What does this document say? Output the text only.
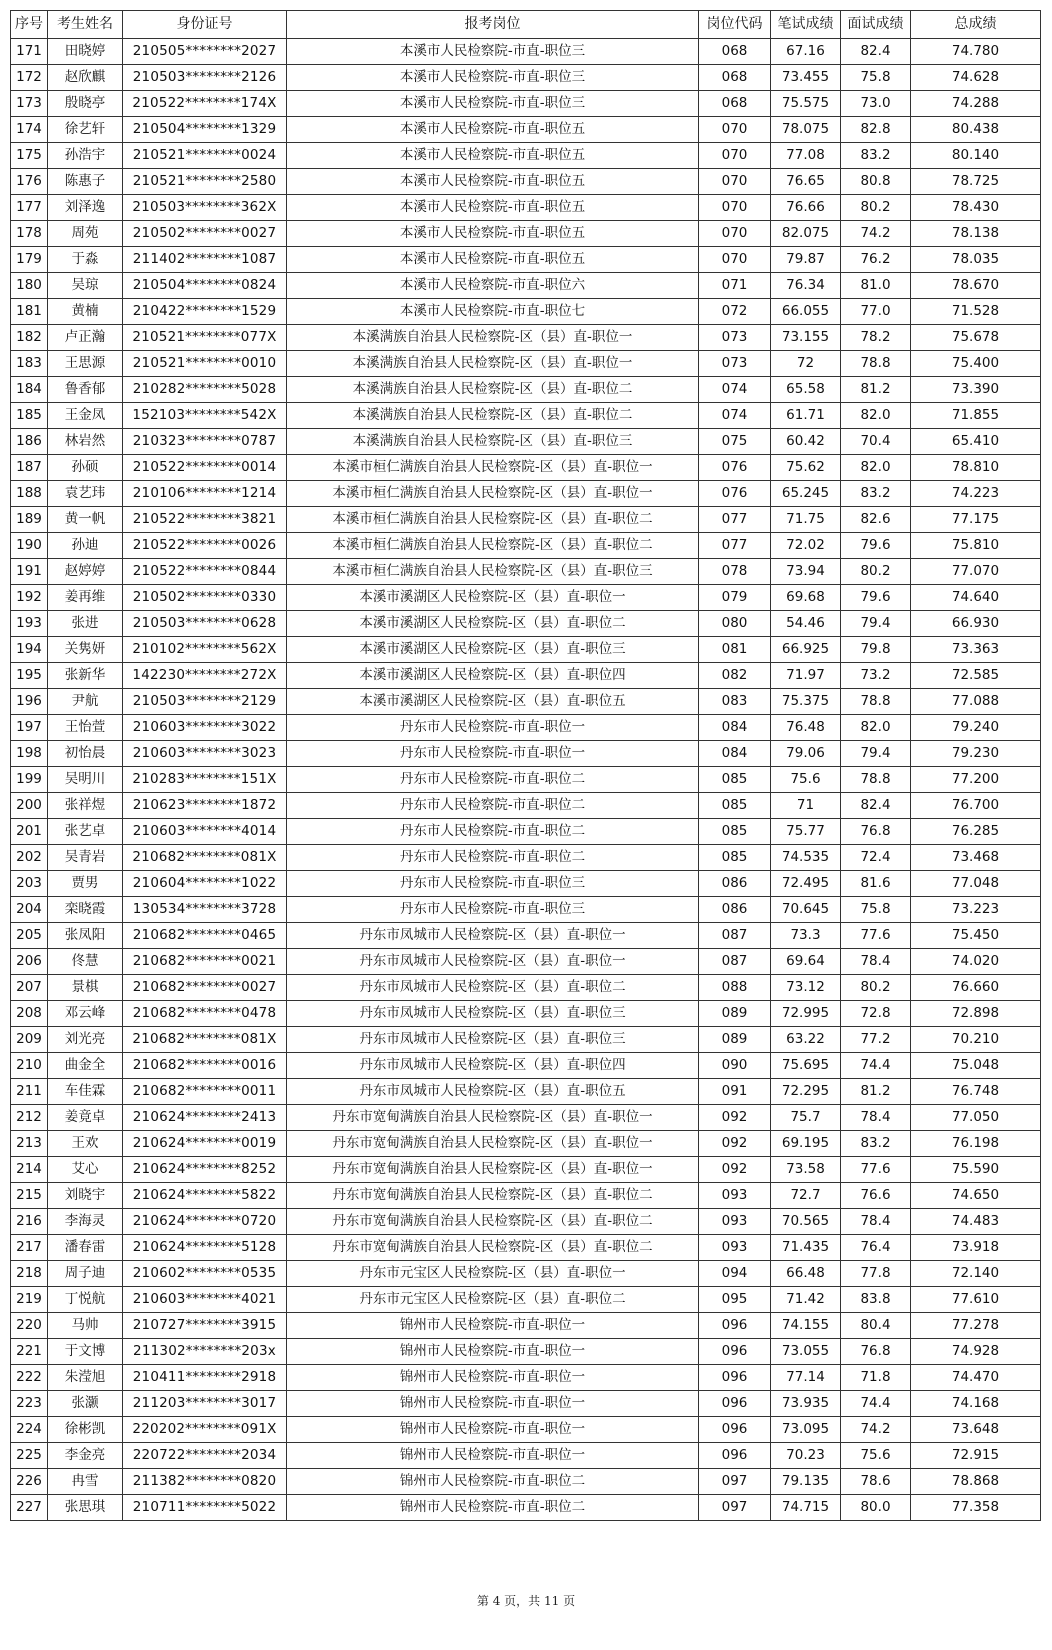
序号	考生姓名	身份证号	报考岗位	岗位代码	笔试成绩	面试成绩	总成绩
171	田晓婷	210505********2027	本溪市人民检察院-市直-职位三	068	67.16	82.4	74.780
172	赵欣麒	210503********2126	本溪市人民检察院-市直-职位三	068	73.455	75.8	74.628
173	殷晓亭	210522********174X	本溪市人民检察院-市直-职位三	068	75.575	73.0	74.288
174	徐艺轩	210504********1329	本溪市人民检察院-市直-职位五	070	78.075	82.8	80.438
175	孙浩宇	210521********0024	本溪市人民检察院-市直-职位五	070	77.08	83.2	80.140
176	陈惠子	210521********2580	本溪市人民检察院-市直-职位五	070	76.65	80.8	78.725
177	刘泽逸	210503********362X	本溪市人民检察院-市直-职位五	070	76.66	80.2	78.430
178	周苑	210502********0027	本溪市人民检察院-市直-职位五	070	82.075	74.2	78.138
179	于淼	211402********1087	本溪市人民检察院-市直-职位五	070	79.87	76.2	78.035
180	吴琼	210504********0824	本溪市人民检察院-市直-职位六	071	76.34	81.0	78.670
181	黄楠	210422********1529	本溪市人民检察院-市直-职位七	072	66.055	77.0	71.528
182	卢正瀚	210521********077X	本溪满族自治县人民检察院-区（县）直-职位一	073	73.155	78.2	75.678
183	王思源	210521********0010	本溪满族自治县人民检察院-区（县）直-职位一	073	72	78.8	75.400
184	鲁香郁	210282********5028	本溪满族自治县人民检察院-区（县）直-职位二	074	65.58	81.2	73.390
185	王金凤	152103********542X	本溪满族自治县人民检察院-区（县）直-职位二	074	61.71	82.0	71.855
186	林岩然	210323********0787	本溪满族自治县人民检察院-区（县）直-职位三	075	60.42	70.4	65.410
187	孙硕	210522********0014	本溪市桓仁满族自治县人民检察院-区（县）直-职位一	076	75.62	82.0	78.810
188	袁艺玮	210106********1214	本溪市桓仁满族自治县人民检察院-区（县）直-职位一	076	65.245	83.2	74.223
189	黄一帆	210522********3821	本溪市桓仁满族自治县人民检察院-区（县）直-职位二	077	71.75	82.6	77.175
190	孙迪	210522********0026	本溪市桓仁满族自治县人民检察院-区（县）直-职位二	077	72.02	79.6	75.810
191	赵婷婷	210522********0844	本溪市桓仁满族自治县人民检察院-区（县）直-职位三	078	73.94	80.2	77.070
192	姜再维	210502********0330	本溪市溪湖区人民检察院-区（县）直-职位一	079	69.68	79.6	74.640
193	张进	210503********0628	本溪市溪湖区人民检察院-区（县）直-职位二	080	54.46	79.4	66.930
194	关隽妍	210102********562X	本溪市溪湖区人民检察院-区（县）直-职位三	081	66.925	79.8	73.363
195	张新华	142230********272X	本溪市溪湖区人民检察院-区（县）直-职位四	082	71.97	73.2	72.585
196	尹航	210503********2129	本溪市溪湖区人民检察院-区（县）直-职位五	083	75.375	78.8	77.088
197	王怡萱	210603********3022	丹东市人民检察院-市直-职位一	084	76.48	82.0	79.240
198	初怡晨	210603********3023	丹东市人民检察院-市直-职位一	084	79.06	79.4	79.230
199	吴明川	210283********151X	丹东市人民检察院-市直-职位二	085	75.6	78.8	77.200
200	张祥煜	210623********1872	丹东市人民检察院-市直-职位二	085	71	82.4	76.700
201	张艺卓	210603********4014	丹东市人民检察院-市直-职位二	085	75.77	76.8	76.285
202	吴青岩	210682********081X	丹东市人民检察院-市直-职位二	085	74.535	72.4	73.468
203	贾男	210604********1022	丹东市人民检察院-市直-职位三	086	72.495	81.6	77.048
204	栾晓霞	130534********3728	丹东市人民检察院-市直-职位三	086	70.645	75.8	73.223
205	张凤阳	210682********0465	丹东市凤城市人民检察院-区（县）直-职位一	087	73.3	77.6	75.450
206	佟慧	210682********0021	丹东市凤城市人民检察院-区（县）直-职位一	087	69.64	78.4	74.020
207	景棋	210682********0027	丹东市凤城市人民检察院-区（县）直-职位二	088	73.12	80.2	76.660
208	邓云峰	210682********0478	丹东市凤城市人民检察院-区（县）直-职位三	089	72.995	72.8	72.898
209	刘光亮	210682********081X	丹东市凤城市人民检察院-区（县）直-职位三	089	63.22	77.2	70.210
210	曲金全	210682********0016	丹东市凤城市人民检察院-区（县）直-职位四	090	75.695	74.4	75.048
211	车佳霖	210682********0011	丹东市凤城市人民检察院-区（县）直-职位五	091	72.295	81.2	76.748
212	姜竟卓	210624********2413	丹东市宽甸满族自治县人民检察院-区（县）直-职位一	092	75.7	78.4	77.050
213	王欢	210624********0019	丹东市宽甸满族自治县人民检察院-区（县）直-职位一	092	69.195	83.2	76.198
214	艾心	210624********8252	丹东市宽甸满族自治县人民检察院-区（县）直-职位一	092	73.58	77.6	75.590
215	刘晓宇	210624********5822	丹东市宽甸满族自治县人民检察院-区（县）直-职位二	093	72.7	76.6	74.650
216	李海灵	210624********0720	丹东市宽甸满族自治县人民检察院-区（县）直-职位二	093	70.565	78.4	74.483
217	潘春雷	210624********5128	丹东市宽甸满族自治县人民检察院-区（县）直-职位二	093	71.435	76.4	73.918
218	周子迪	210602********0535	丹东市元宝区人民检察院-区（县）直-职位一	094	66.48	77.8	72.140
219	丁悦航	210603********4021	丹东市元宝区人民检察院-区（县）直-职位二	095	71.42	83.8	77.610
220	马帅	210727********3915	锦州市人民检察院-市直-职位一	096	74.155	80.4	77.278
221	于文博	211302********203x	锦州市人民检察院-市直-职位一	096	73.055	76.8	74.928
222	朱滢旭	210411********2918	锦州市人民检察院-市直-职位一	096	77.14	71.8	74.470
223	张灏	211203********3017	锦州市人民检察院-市直-职位一	096	73.935	74.4	74.168
224	徐彬凯	220202********091X	锦州市人民检察院-市直-职位一	096	73.095	74.2	73.648
225	李金亮	220722********2034	锦州市人民检察院-市直-职位一	096	70.23	75.6	72.915
226	冉雪	211382********0820	锦州市人民检察院-市直-职位二	097	79.135	78.6	78.868
227	张思琪	210711********5022	锦州市人民检察院-市直-职位二	097	74.715	80.0	77.358
第 4 页，共 11 页
